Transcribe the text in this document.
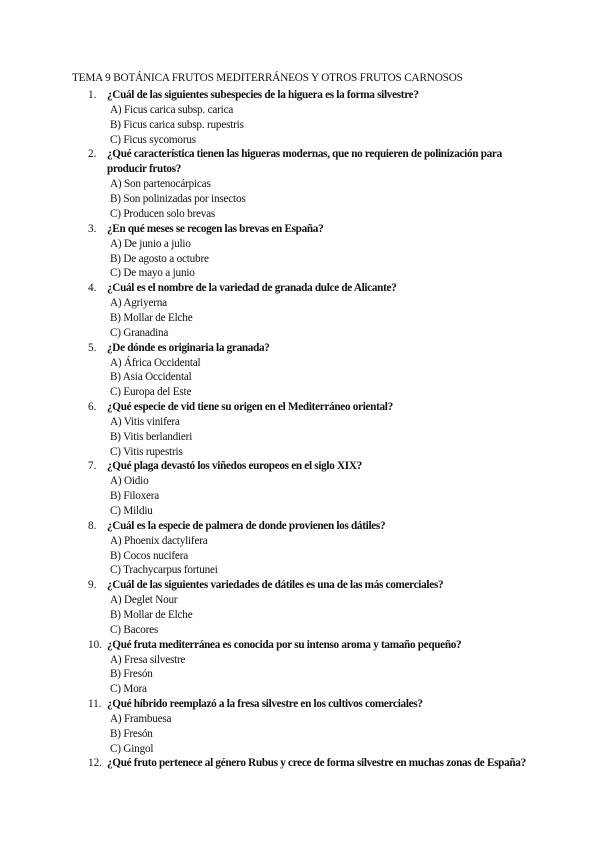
TEMA 9 BOTÁNICA FRUTOS MEDITERRÁNEOS Y OTROS FRUTOS CARNOSOS
1. ¿Cuál de las siguientes subespecies de la higuera es la forma silvestre?
A) Ficus carica subsp. carica
B) Ficus carica subsp. rupestris
C) Ficus sycomorus
2. ¿Qué característica tienen las higueras modernas, que no requieren de polinización para producir frutos?
A) Son partenocárpicas
B) Son polinizadas por insectos
C) Producen solo brevas
3. ¿En qué meses se recogen las brevas en España?
A) De junio a julio
B) De agosto a octubre
C) De mayo a junio
4. ¿Cuál es el nombre de la variedad de granada dulce de Alicante?
A) Agriyerna
B) Mollar de Elche
C) Granadina
5. ¿De dónde es originaria la granada?
A) África Occidental
B) Asia Occidental
C) Europa del Este
6. ¿Qué especie de vid tiene su origen en el Mediterráneo oriental?
A) Vitis vinifera
B) Vitis berlandieri
C) Vitis rupestris
7. ¿Qué plaga devastó los viñedos europeos en el siglo XIX?
A) Oidio
B) Filoxera
C) Mildiu
8. ¿Cuál es la especie de palmera de donde provienen los dátiles?
A) Phoenix dactylifera
B) Cocos nucifera
C) Trachycarpus fortunei
9. ¿Cuál de las siguientes variedades de dátiles es una de las más comerciales?
A) Deglet Nour
B) Mollar de Elche
C) Bacores
10. ¿Qué fruta mediterránea es conocida por su intenso aroma y tamaño pequeño?
A) Fresa silvestre
B) Fresón
C) Mora
11. ¿Qué híbrido reemplazó a la fresa silvestre en los cultivos comerciales?
A) Frambuesa
B) Fresón
C) Gingol
12. ¿Qué fruto pertenece al género Rubus y crece de forma silvestre en muchas zonas de España?
